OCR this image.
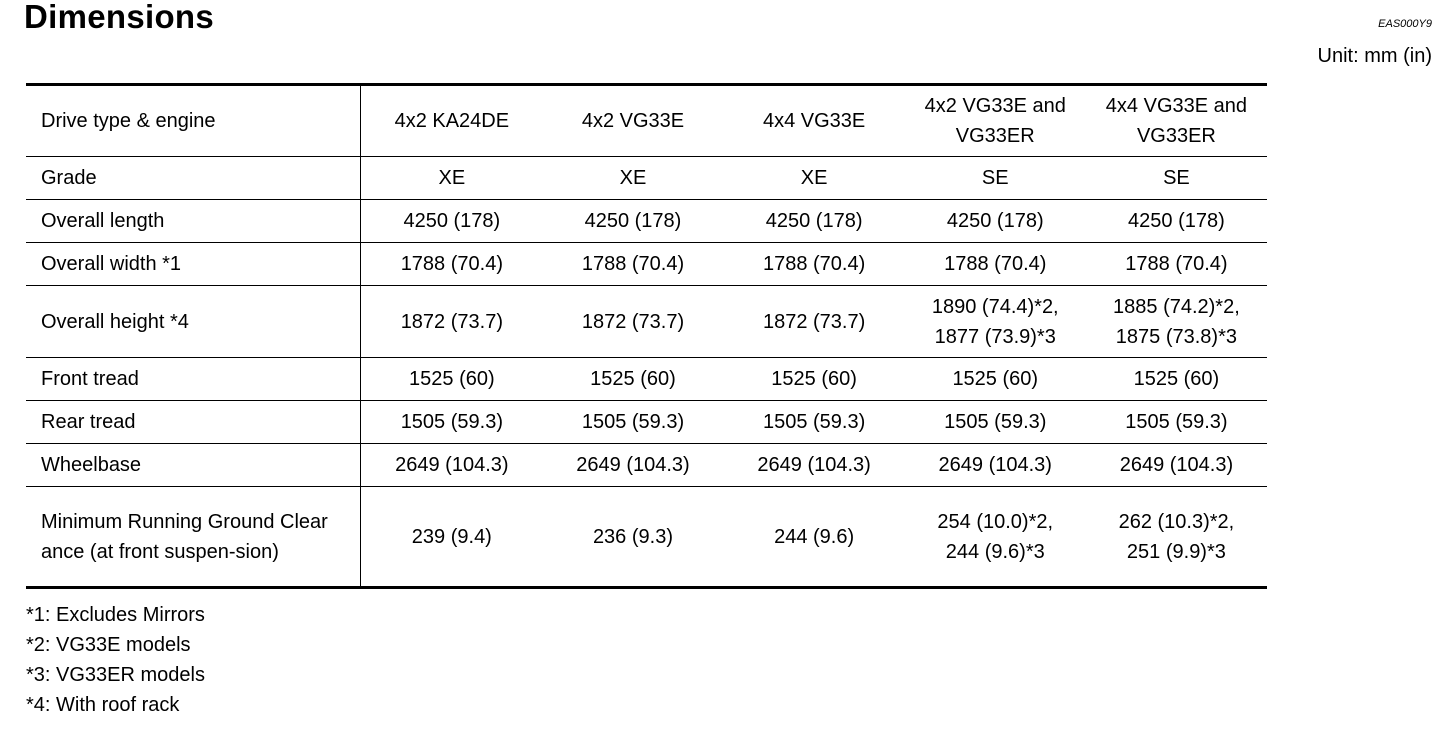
Dimensions	EAS000Y9
Unit: mm (in)
Drive type & engine	4x2 KA24DE	4x2 VG33E	4x4 VG33E	4x2 VG33E and VG33ER	4x4 VG33E and VG33ER
Grade	XE	XE	XE	SE	SE
Overall length	4250 (178)	4250 (178)	4250 (178)	4250 (178)	4250 (178)
Overall width *1	1788 (70.4)	1788 (70.4)	1788 (70.4)	1788 (70.4)	1788 (70.4)
Overall height *4	1872 (73.7)	1872 (73.7)	1872 (73.7)	1890 (74.4)*2, 1877 (73.9)*3	1885 (74.2)*2, 1875 (73.8)*3
Front tread	1525 (60)	1525 (60)	1525 (60)	1525 (60)	1525 (60)
Rear tread	1505 (59.3)	1505 (59.3)	1505 (59.3)	1505 (59.3)	1505 (59.3)
Wheelbase	2649 (104.3)	2649 (104.3)	2649 (104.3)	2649 (104.3)	2649 (104.3)
Minimum Running Ground Clearance (at front suspen-sion)	239 (9.4)	236 (9.3)	244 (9.6)	254 (10.0)*2, 244 (9.6)*3	262 (10.3)*2, 251 (9.9)*3
*1: Excludes Mirrors
*2: VG33E models
*3: VG33ER models
*4: With roof rack
